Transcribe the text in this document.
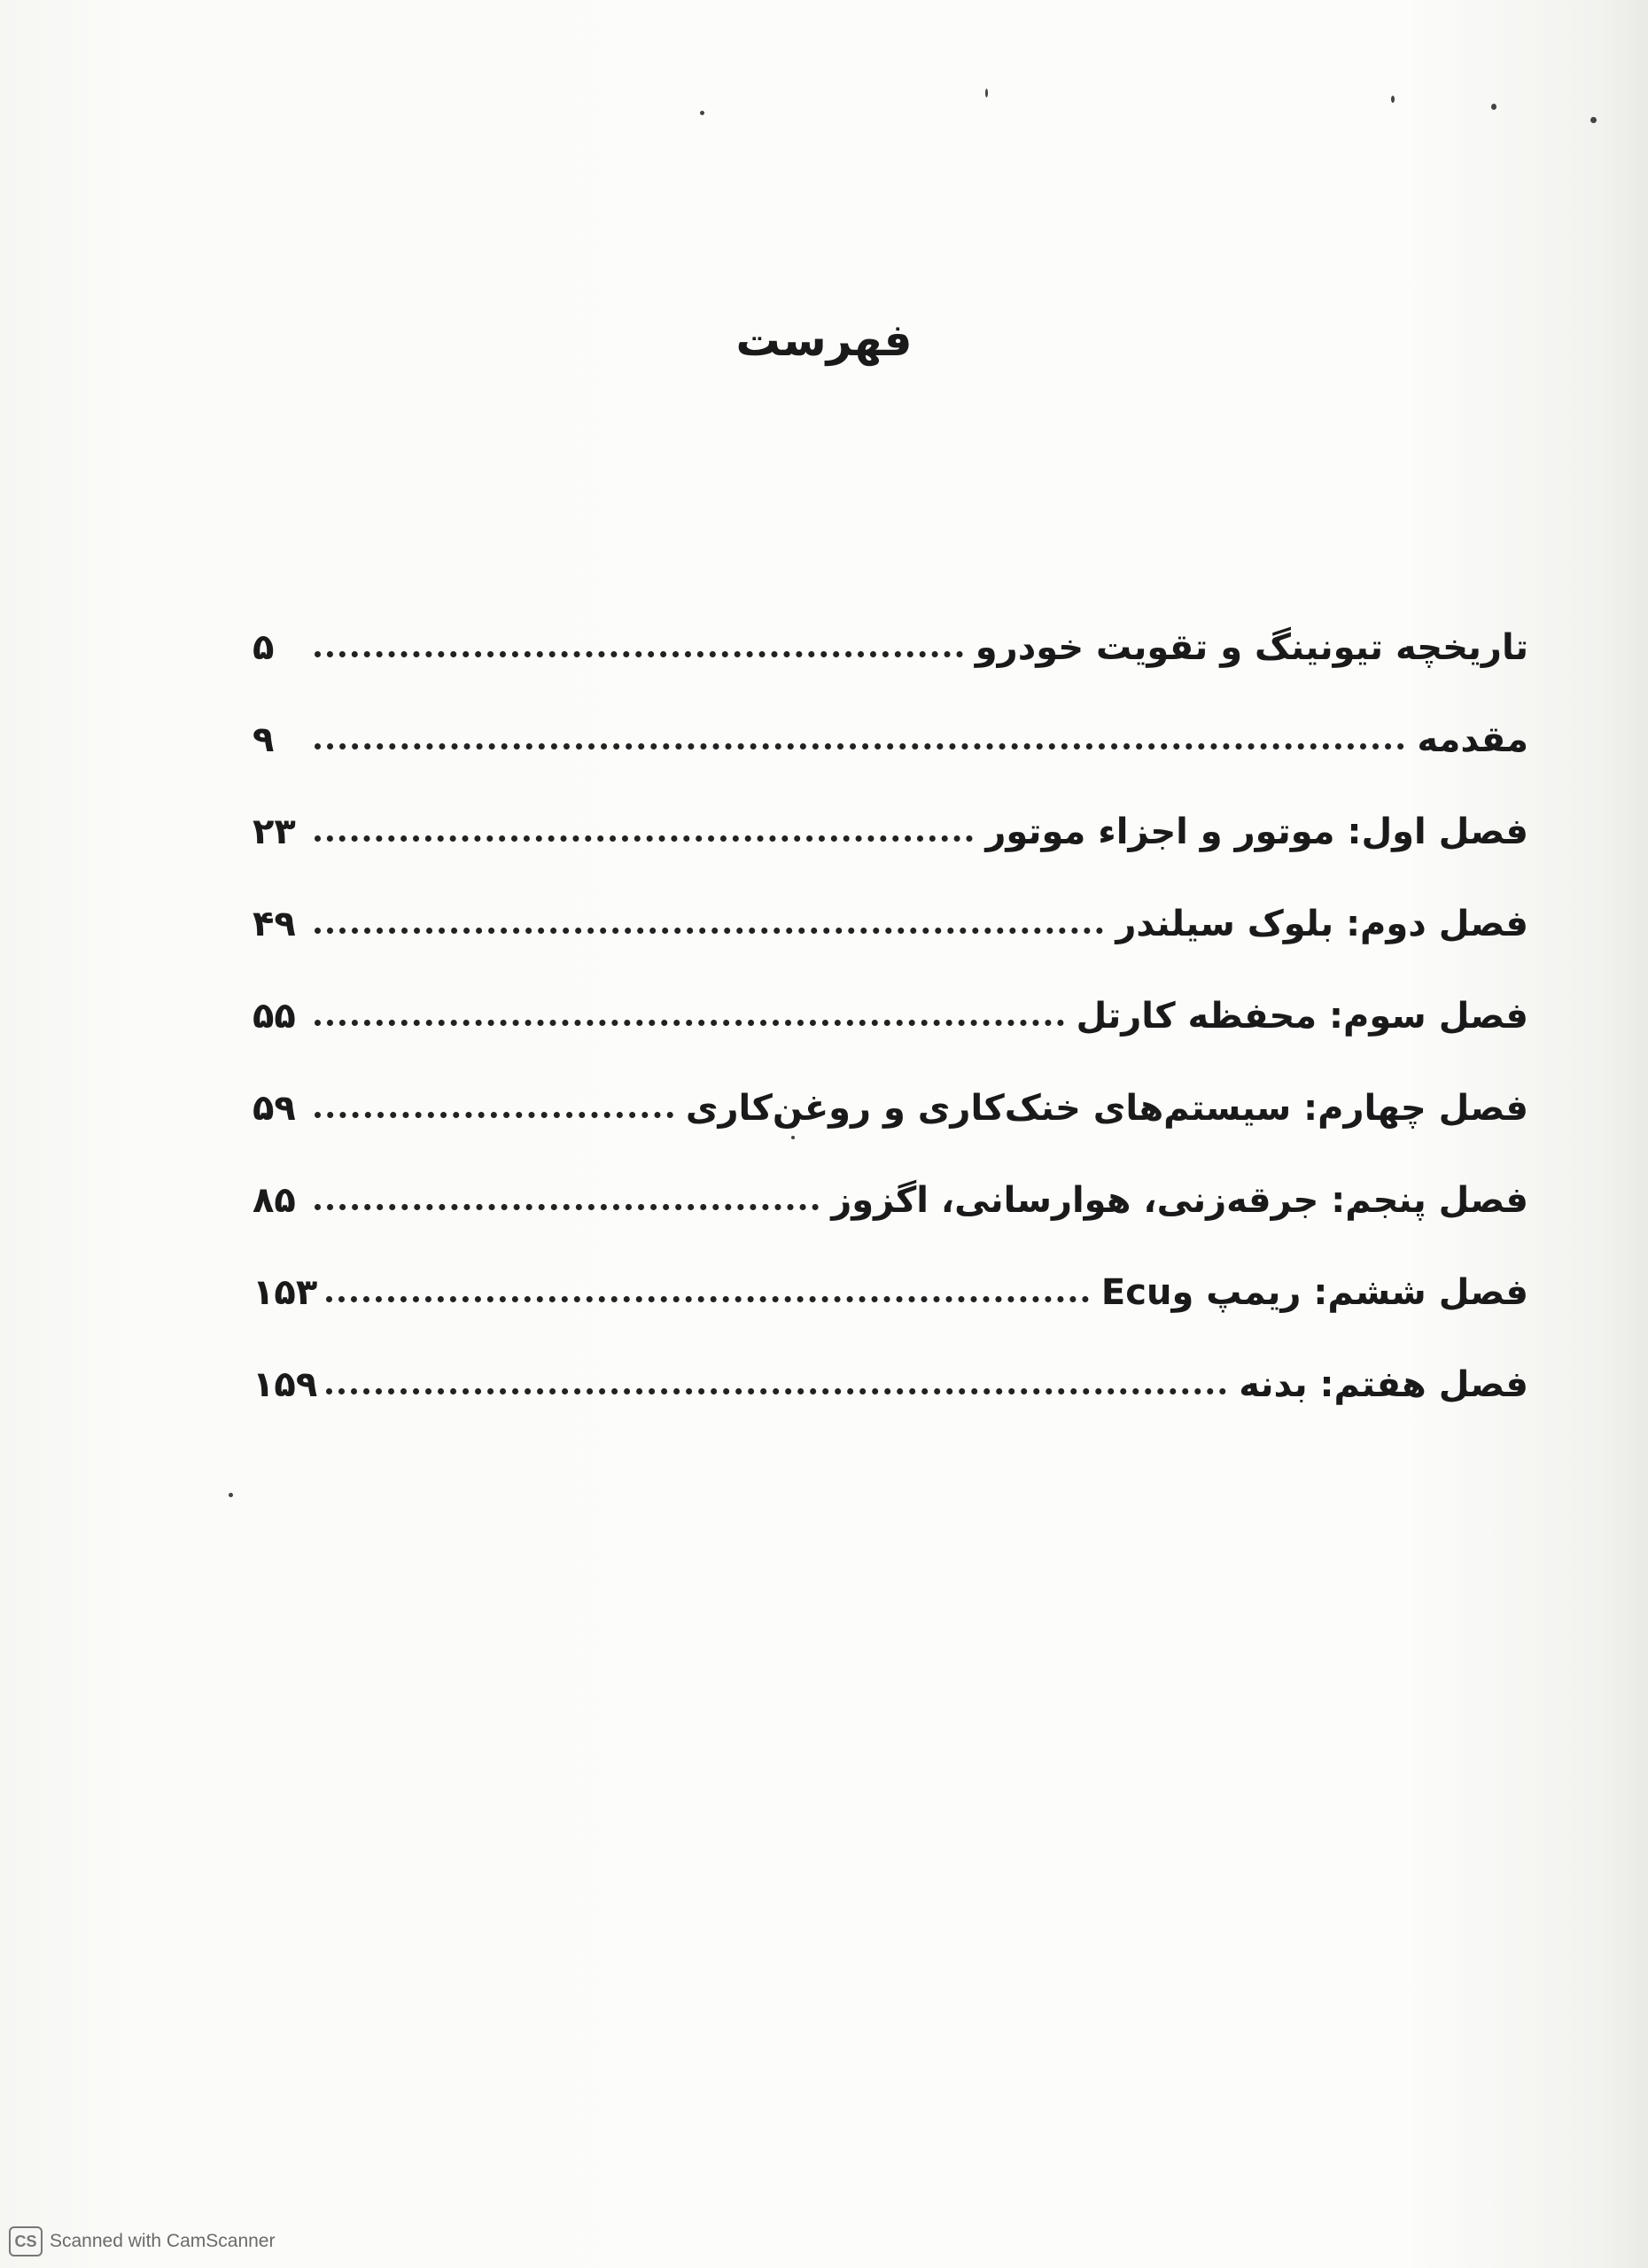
فهرست
تاریخچه تیونینگ و تقویت خودرو
۵
مقدمه
۹
فصل اول: موتور و اجزاء موتور
۲۳
فصل دوم: بلوک سیلندر
۴۹
فصل سوم: محفظه کارتل
۵۵
فصل چهارم: سیستم‌های خنک‌کاری و روغن‌کاری
۵۹
فصل پنجم: جرقه‌زنی، هوارسانی، اگزوز
۸۵
فصل ششم: ریمپ وEcu
۱۵۳
فصل هفتم: بدنه
۱۵۹
CS Scanned with CamScanner
